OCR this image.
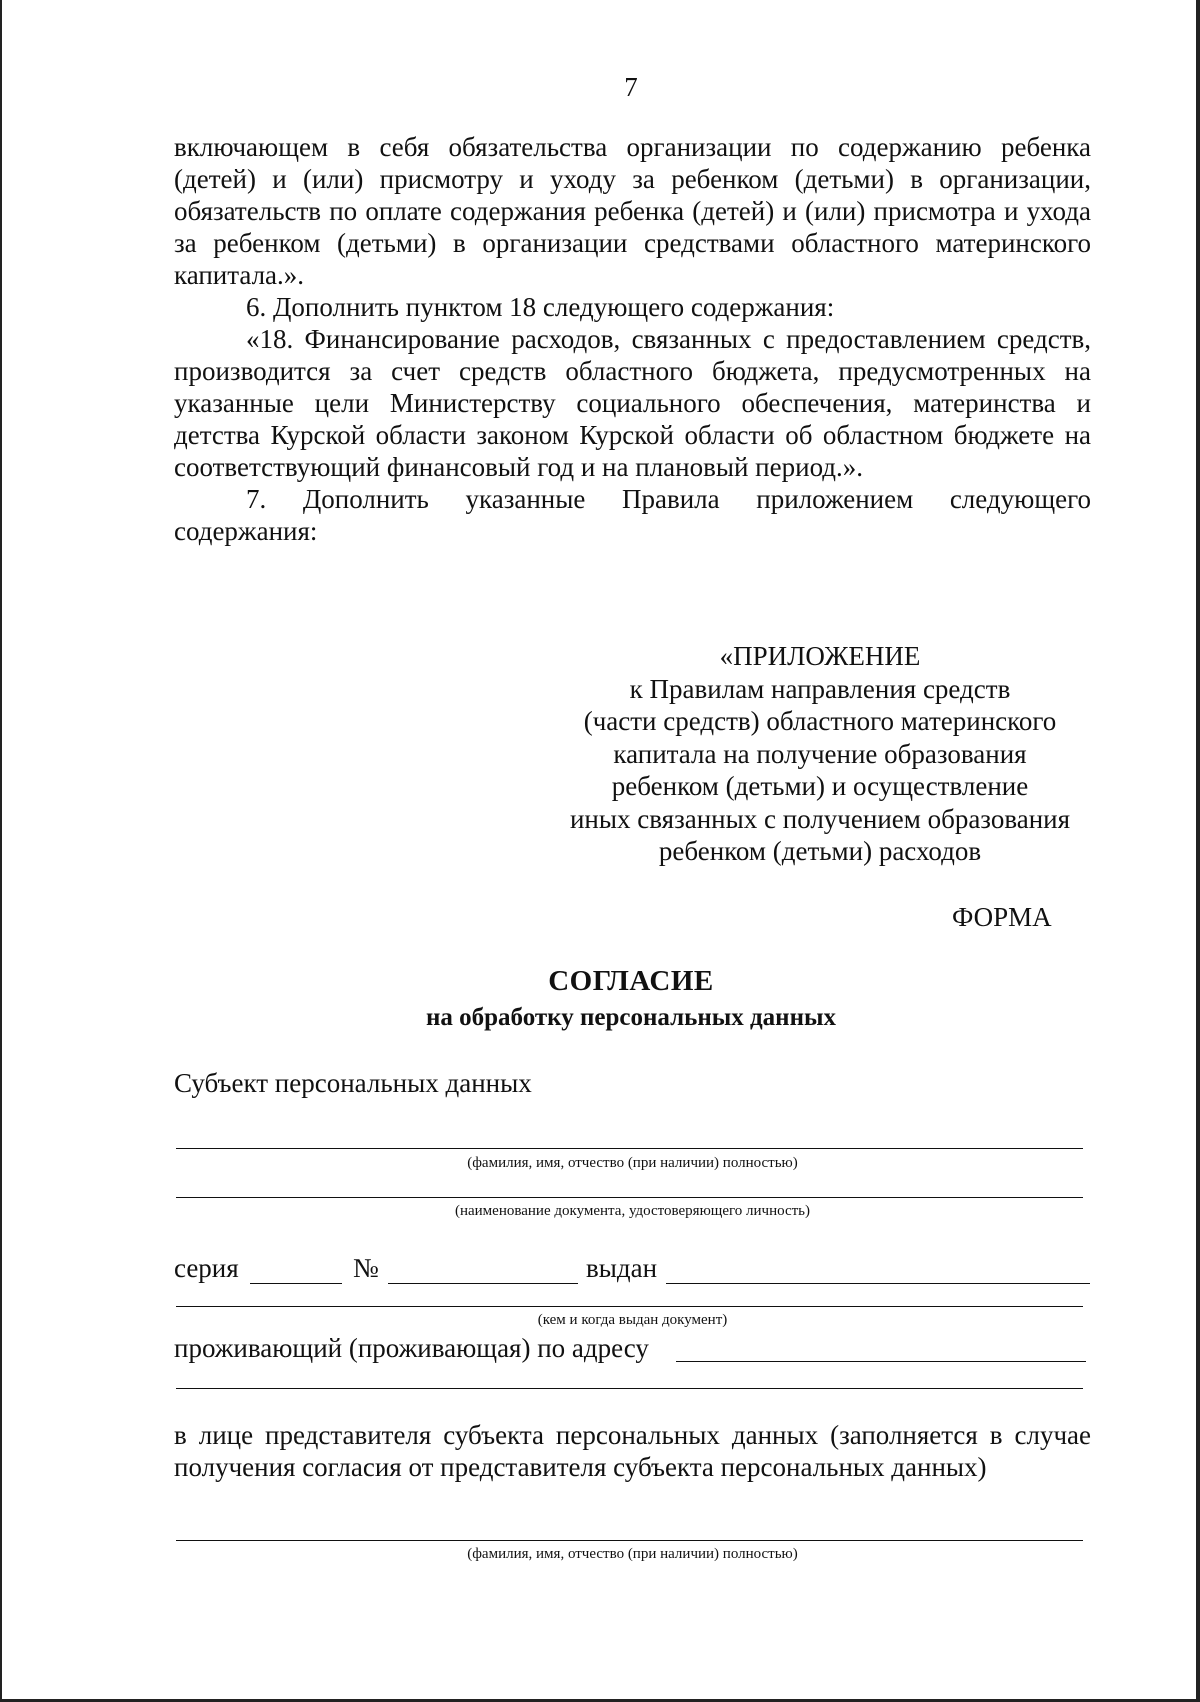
7

включающем в себя обязательства организации по содержанию ребенка (детей) и (или) присмотру и уходу за ребенком (детьми) в организации, обязательств по оплате содержания ребенка (детей) и (или) присмотра и ухода за ребенком (детьми) в организации средствами областного материнского капитала.».

6. Дополнить пунктом 18 следующего содержания:

«18. Финансирование расходов, связанных с предоставлением средств, производится за счет средств областного бюджета, предусмотренных на указанные цели Министерству социального обеспечения, материнства и детства Курской области законом Курской области об областном бюджете на соответствующий финансовый год и на плановый период.».

7. Дополнить указанные Правила приложением следующего содержания:

«ПРИЛОЖЕНИЕ
к Правилам направления средств
(части средств) областного материнского
капитала на получение образования
ребенком (детьми) и осуществление
иных связанных с получением образования
ребенком (детьми) расходов
ФОРМА
СОГЛАСИЕ
на обработку персональных данных
Субъект персональных данных
(фамилия, имя, отчество (при наличии) полностью)
(наименование документа, удостоверяющего личность)
серия	№	выдан
(кем и когда выдан документ)
проживающий (проживающая) по адресу

в лице представителя субъекта персональных данных (заполняется в случае получения согласия от представителя субъекта персональных данных)

(фамилия, имя, отчество (при наличии) полностью)
